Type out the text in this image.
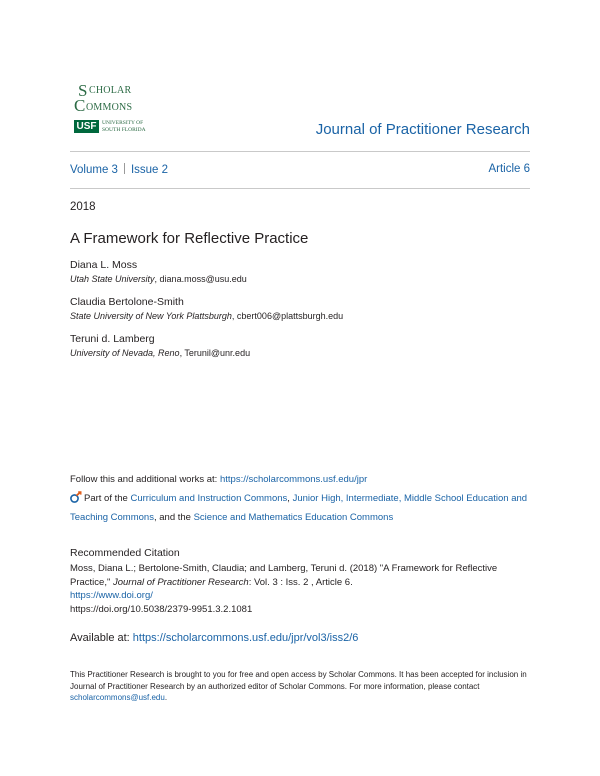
S CHOLAR
C OMMONS
USF	UNIVERSITY OF
SOUTH FLORIDA	Journal of Practitioner Research
Volume 3 Issue 2	Article 6
2018
A Framework for Reflective Practice
Diana L. Moss
Utah State University, diana.moss@usu.edu
Claudia Bertolone-Smith
State University of New York Plattsburgh, cbert006@plattsburgh.edu
Teruni d. Lamberg
University of Nevada, Reno, Terunil@unr.edu
Follow this and additional works at: https://scholarcommons.usf.edu/jpr
Part of the Curriculum and Instruction Commons, Junior High, Intermediate, Middle School Education and Teaching Commons, and the Science and Mathematics Education Commons
Recommended Citation
Moss, Diana L.; Bertolone-Smith, Claudia; and Lamberg, Teruni d. (2018) "A Framework for Reflective Practice," Journal of Practitioner Research: Vol. 3 : Iss. 2 , Article 6.
https://www.doi.org/
https://doi.org/10.5038/2379-9951.3.2.1081
Available at: https://scholarcommons.usf.edu/jpr/vol3/iss2/6
This Practitioner Research is brought to you for free and open access by Scholar Commons. It has been accepted for inclusion in Journal of Practitioner Research by an authorized editor of Scholar Commons. For more information, please contact scholarcommons@usf.edu.
